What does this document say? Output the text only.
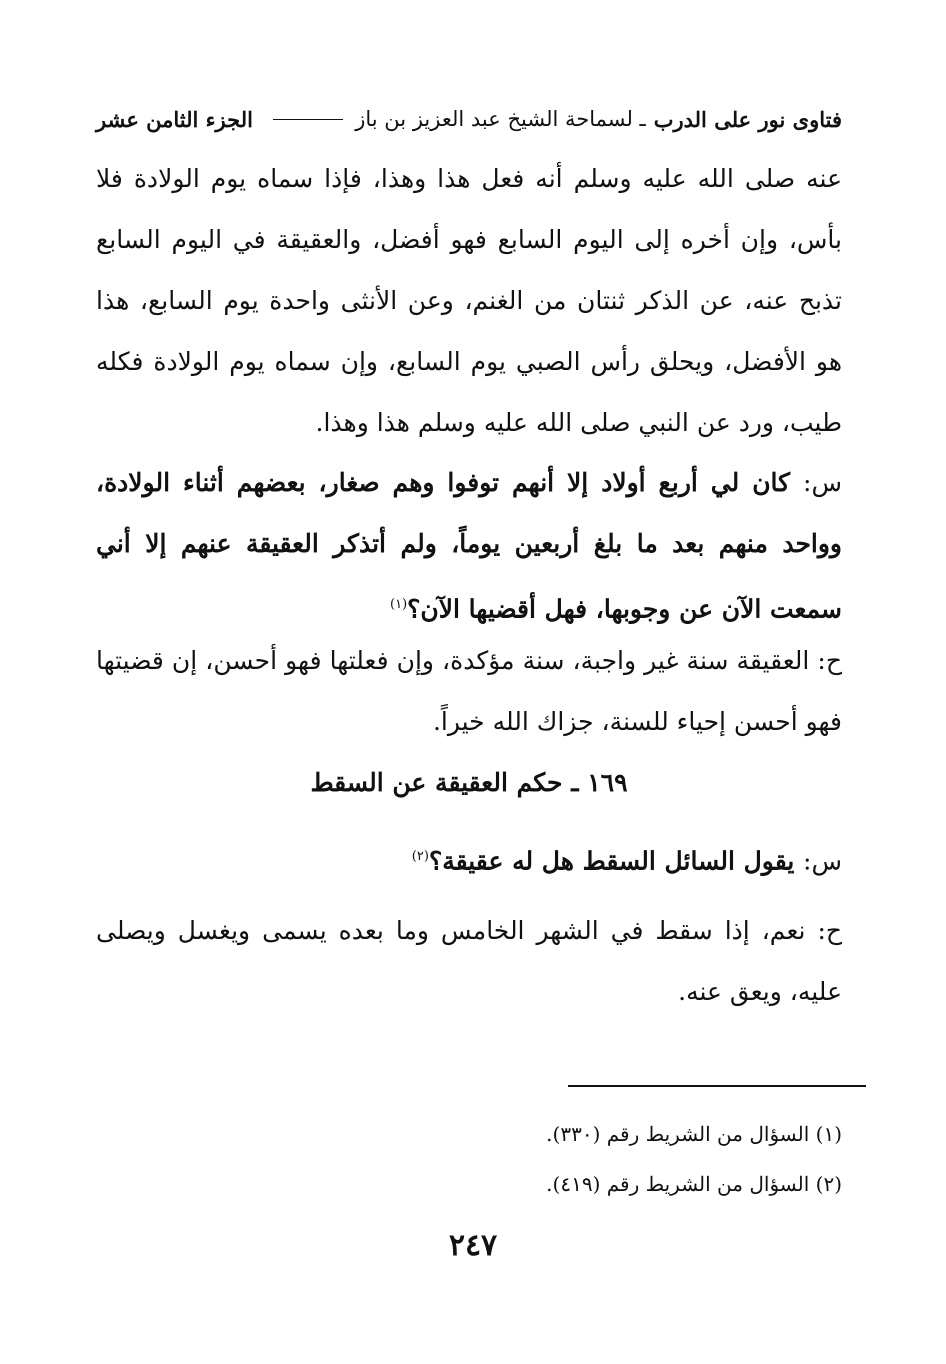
فتاوى نور على الدرب
ـ لسماحة الشيخ عبد العزيز بن باز
الجزء الثامن عشر
عنه صلى الله عليه وسلم أنه فعل هذا وهذا، فإذا سماه يوم الولادة فلا بأس، وإن أخره إلى اليوم السابع فهو أفضل، والعقيقة في اليوم السابع تذبح عنه، عن الذكر ثنتان من الغنم، وعن الأنثى واحدة يوم السابع، هذا هو الأفضل، ويحلق رأس الصبي يوم السابع، وإن سماه يوم الولادة فكله طيب، ورد عن النبي صلى الله عليه وسلم هذا وهذا.
س: كان لي أربع أولاد إلا أنهم توفوا وهم صغار، بعضهم أثناء الولادة، وواحد منهم بعد ما بلغ أربعين يوماً، ولم أتذكر العقيقة عنهم إلا أني سمعت الآن عن وجوبها، فهل أقضيها الآن؟$^{(١)}$
ح: العقيقة سنة غير واجبة، سنة مؤكدة، وإن فعلتها فهو أحسن، إن قضيتها فهو أحسن إحياء للسنة، جزاك الله خيراً.
١٦٩ ـ حكم العقيقة عن السقط
س: يقول السائل السقط هل له عقيقة؟$^{(٢)}$
ح: نعم، إذا سقط في الشهر الخامس وما بعده يسمى ويغسل ويصلى عليه، ويعق عنه.
(١) السؤال من الشريط رقم (٣٣٠).
(٢) السؤال من الشريط رقم (٤١٩).
٢٤٧
